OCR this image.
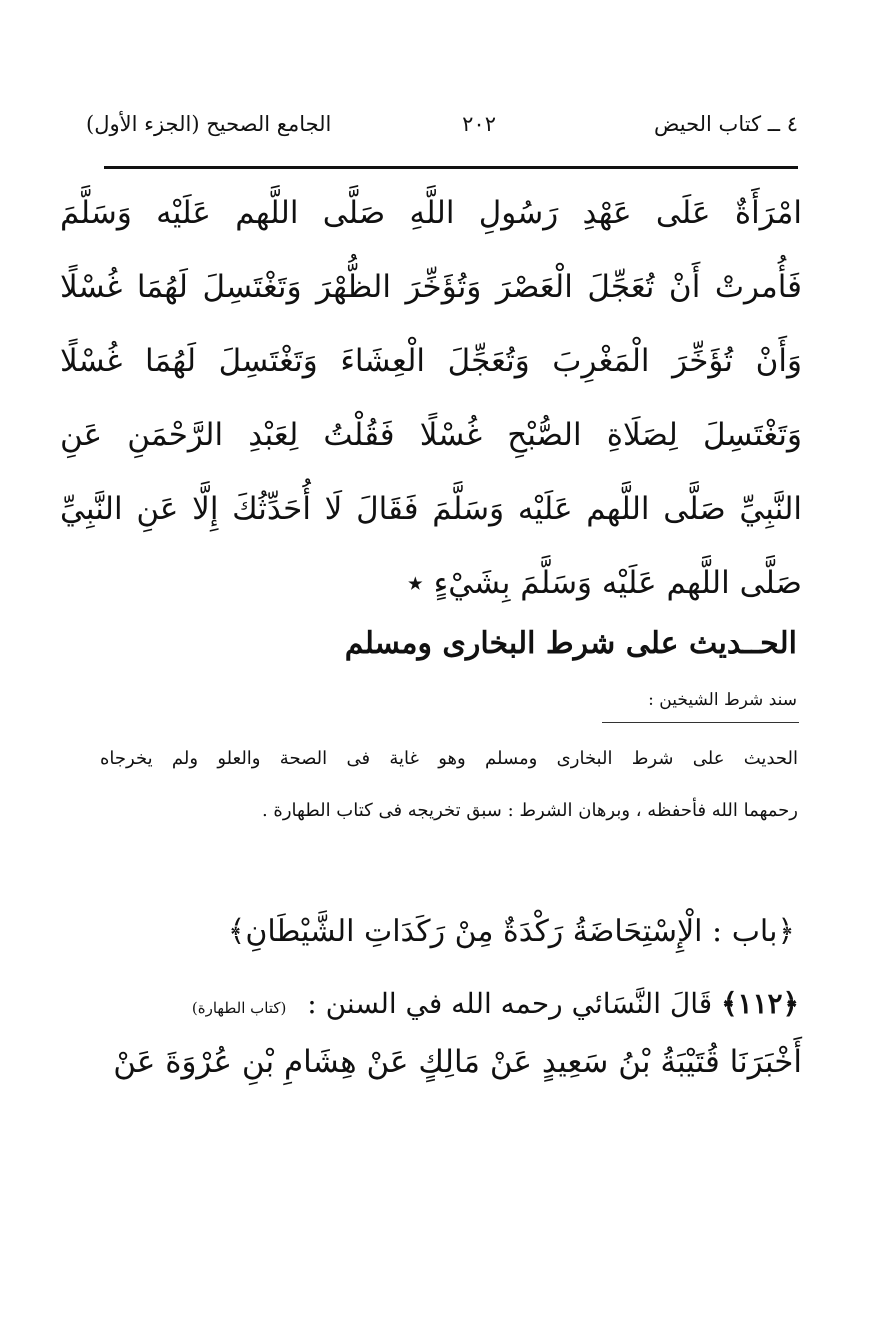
٤ ــ كتاب الحيض
٢٠٢
الجامع الصحيح (الجزء الأول)
امْرَأَةٌ عَلَى عَهْدِ رَسُولِ اللَّهِ صَلَّى اللَّهم عَلَيْه وَسَلَّمَ
فَأُمرتْ أَنْ تُعَجِّلَ الْعَصْرَ وَتُؤَخِّرَ الظُّهْرَ وَتَغْتَسِلَ لَهُمَا غُسْلًا
وَأَنْ تُؤَخِّرَ الْمَغْرِبَ وَتُعَجِّلَ الْعِشَاءَ وَتَغْتَسِلَ لَهُمَا غُسْلًا
وَتَغْتَسِلَ لِصَلَاةِ الصُّبْحِ غُسْلًا فَقُلْتُ لِعَبْدِ الرَّحْمَنِ عَنِ
النَّبِيِّ صَلَّى اللَّهم عَلَيْه وَسَلَّمَ فَقَالَ لَا أُحَدِّثُكَ إِلَّا عَنِ النَّبِيِّ
صَلَّى اللَّهم عَلَيْه وَسَلَّمَ بِشَيْءٍ ٭
الحــديث على شرط البخارى ومسلم
سند شرط الشيخين :
الحديث على شرط البخارى ومسلم وهو غاية فى الصحة والعلو ولم يخرجاه
رحمهما الله فأحفظه ، وبرهان الشرط : سبق تخريجه فى كتاب الطهارة .
﴿باب : الْإِسْتِحَاضَةُ رَكْدَةٌ مِنْ رَكَدَاتِ الشَّيْطَانِ﴾
﴿١١٢﴾ قَالَ النَّسَائي رحمه الله في السنن : (كتاب الطهارة)
أَخْبَرَنَا قُتَيْبَةُ بْنُ سَعِيدٍ عَنْ مَالِكٍ عَنْ هِشَامِ بْنِ عُرْوَةَ عَنْ
